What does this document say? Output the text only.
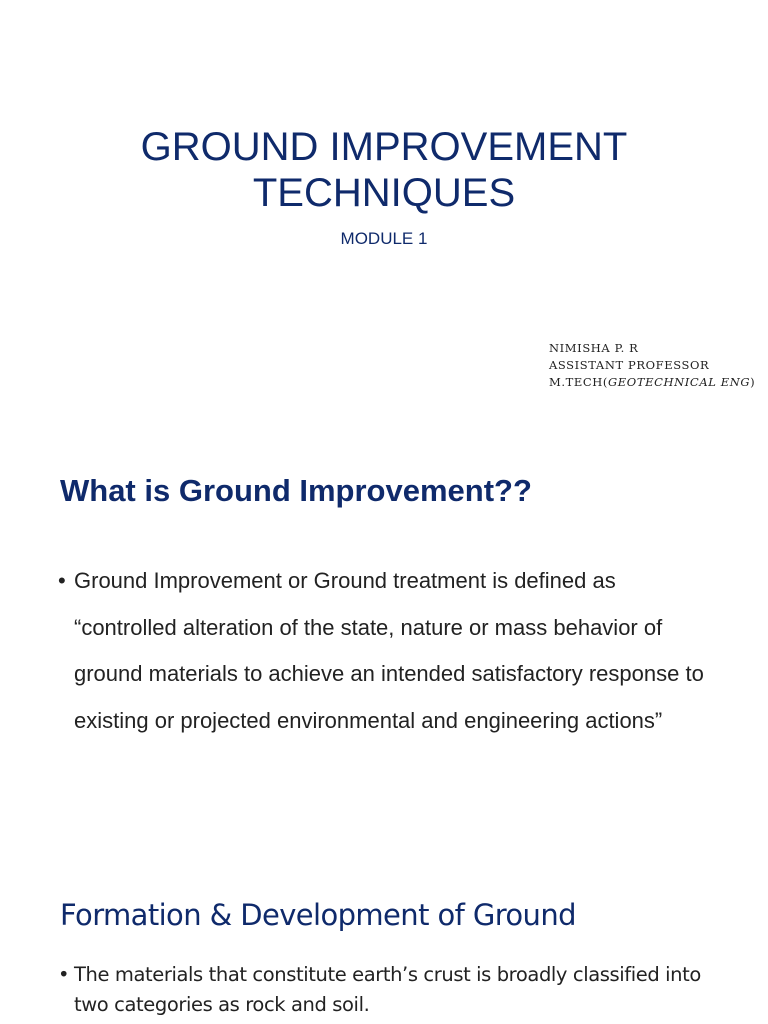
GROUND IMPROVEMENT
TECHNIQUES

MODULE 1

NIMISHA P. R
ASSISTANT PROFESSOR
M.TECH(GEOTECHNICAL ENG)
What is Ground Improvement??
• Ground Improvement or Ground treatment is defined as “controlled alteration of the state, nature or mass behavior of ground materials to achieve an intended satisfactory response to existing or projected environmental and engineering actions”
Formation & Development of Ground
• The materials that constitute earth’s crust is broadly classified into two categories as rock and soil.
